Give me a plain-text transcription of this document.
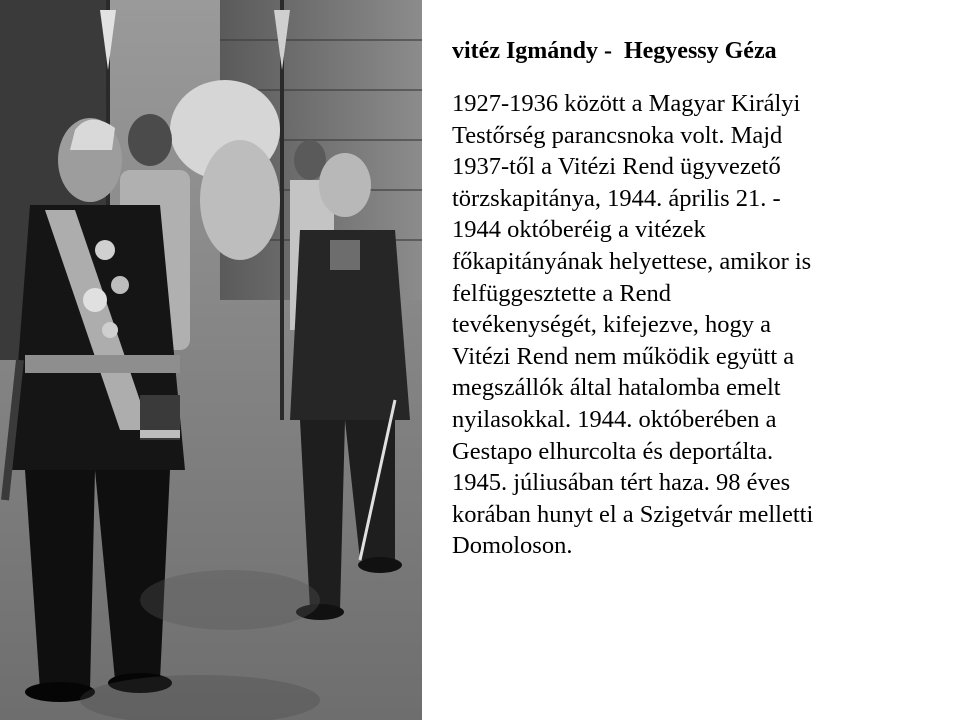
vitéz Igmándy -  Hegyessy Géza

1927-1936 között a Magyar Királyi
Testőrség parancsnoka volt. Majd
1937-től a Vitézi Rend ügyvezető
törzskapitánya, 1944. április 21. -
1944 októberéig a vitézek
főkapitányának helyettese, amikor is
felfüggesztette a Rend
tevékenységét, kifejezve, hogy a
Vitézi Rend nem működik együtt a
megszállók által hatalomba emelt
nyilasokkal. 1944. októberében a
Gestapo elhurcolta és deportálta.
1945. júliusában tért haza. 98 éves
korában hunyt el a Szigetvár melletti
Domoloson.
